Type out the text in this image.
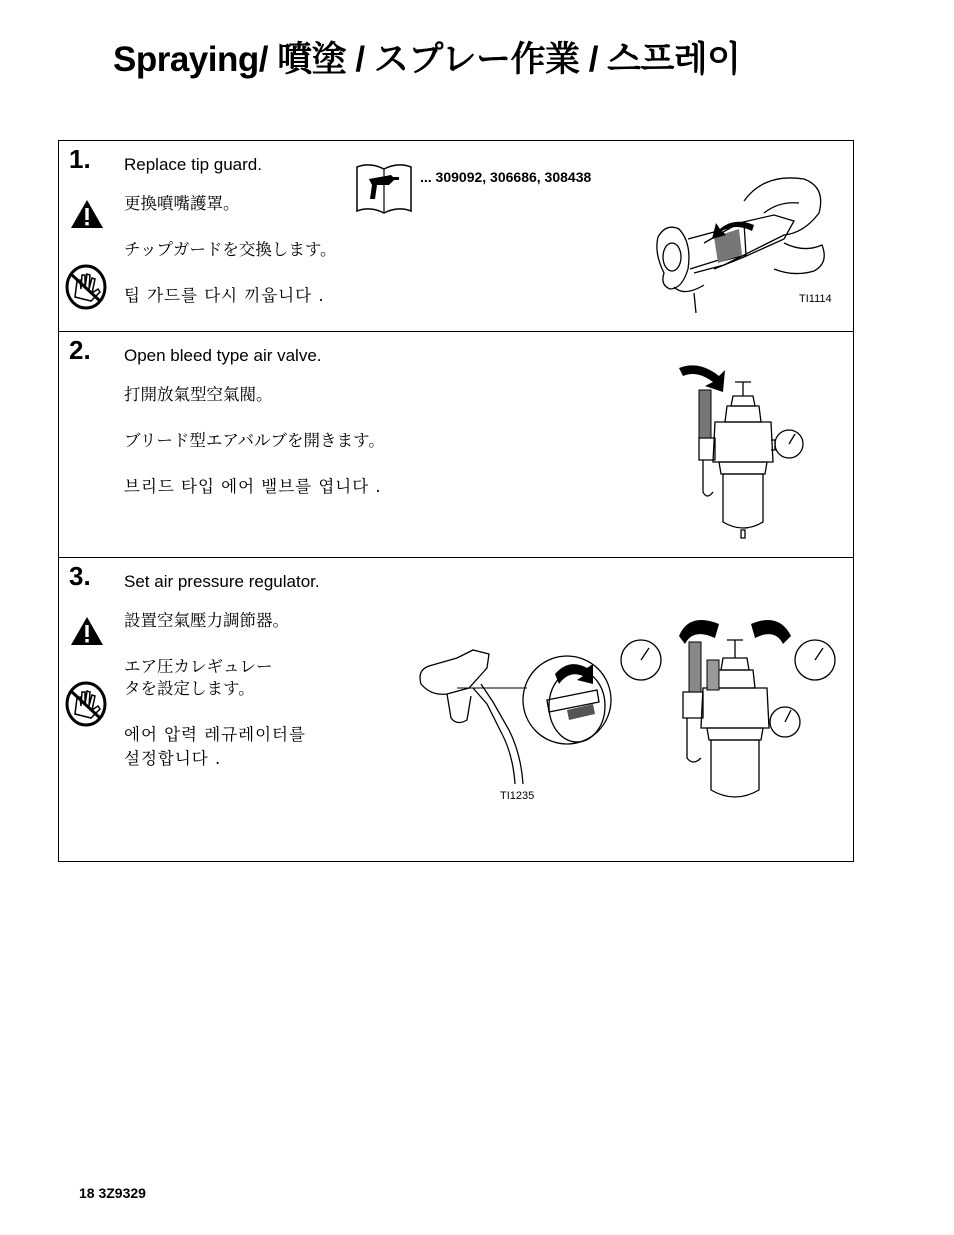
Spraying/ 噴塗 / スプレー作業 / 스프레이
1. Replace tip guard.
更換噴嘴護罩。
チップガードを交換します。
팁 가드를 다시 끼웁니다 .
... 309092, 306686, 308438
TI1114
2. Open bleed type air valve.
打開放氣型空氣閥。
ブリード型エアバルブを開きます。
브리드 타입 에어 밸브를 엽니다 .
3. Set air pressure regulator.
設置空氣壓力調節器。
エア圧カレギュレー
タを設定します。
에어 압력 레규레이터를
설정합니다 .
TI1235
18 3Z9329
